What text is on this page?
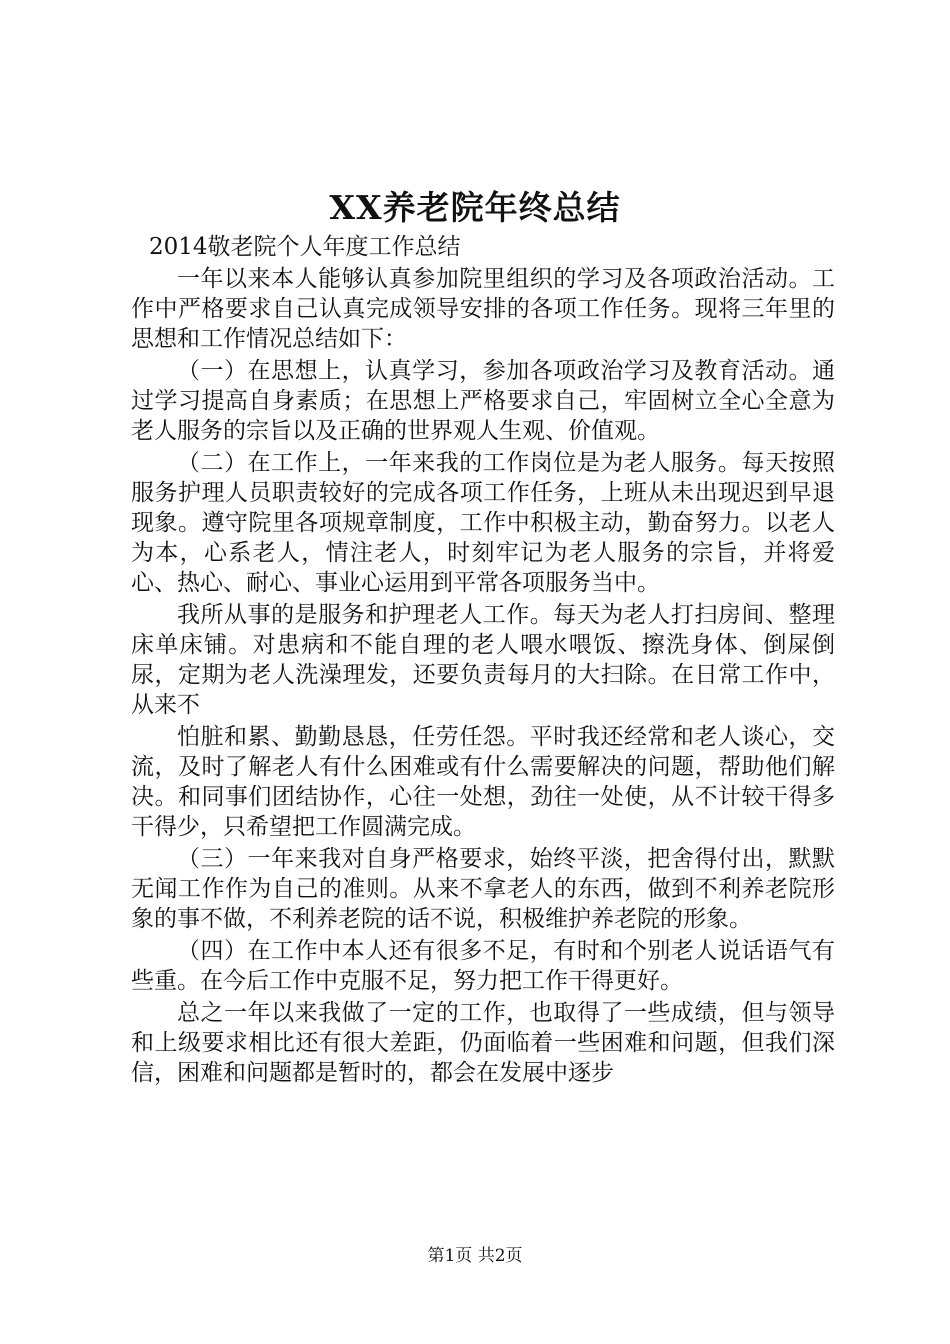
XX养老院年终总结

2014敬老院个人年度工作总结

一年以来本人能够认真参加院里组织的学习及各项政治活动。工作中严格要求自己认真完成领导安排的各项工作任务。现将三年里的思想和工作情况总结如下：

（一）在思想上，认真学习，参加各项政治学习及教育活动。通过学习提高自身素质；在思想上严格要求自己，牢固树立全心全意为老人服务的宗旨以及正确的世界观人生观、价值观。

（二）在工作上，一年来我的工作岗位是为老人服务。每天按照服务护理人员职责较好的完成各项工作任务，上班从未出现迟到早退现象。遵守院里各项规章制度，工作中积极主动，勤奋努力。以老人为本，心系老人，情注老人，时刻牢记为老人服务的宗旨，并将爱心、热心、耐心、事业心运用到平常各项服务当中。

我所从事的是服务和护理老人工作。每天为老人打扫房间、整理床单床铺。对患病和不能自理的老人喂水喂饭、擦洗身体、倒屎倒尿，定期为老人洗澡理发，还要负责每月的大扫除。在日常工作中，从来不

怕脏和累、勤勤恳恳，任劳任怨。平时我还经常和老人谈心，交流，及时了解老人有什么困难或有什么需要解决的问题，帮助他们解决。和同事们团结协作，心往一处想，劲往一处使，从不计较干得多干得少，只希望把工作圆满完成。

（三）一年来我对自身严格要求，始终平淡，把舍得付出，默默无闻工作作为自己的准则。从来不拿老人的东西，做到不利养老院形象的事不做，不利养老院的话不说，积极维护养老院的形象。

（四）在工作中本人还有很多不足，有时和个别老人说话语气有些重。在今后工作中克服不足，努力把工作干得更好。

总之一年以来我做了一定的工作，也取得了一些成绩，但与领导和上级要求相比还有很大差距，仍面临着一些困难和问题，但我们深信，困难和问题都是暂时的，都会在发展中逐步

第1页 共2页
